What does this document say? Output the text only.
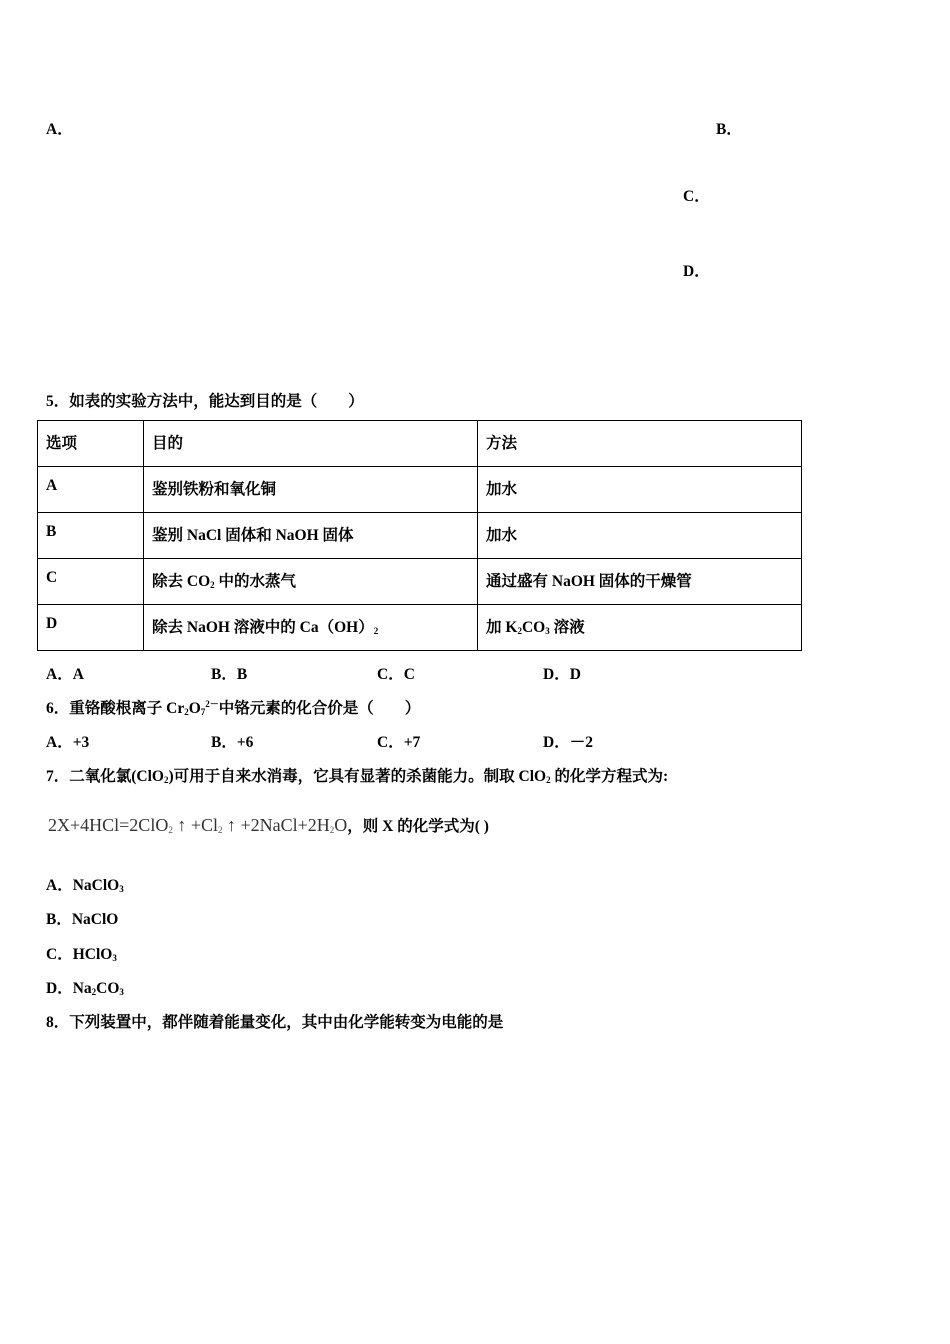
A．	B．
C．
D．
5．如表的实验方法中，能达到目的是（　　）
选项	目的	方法
A	鉴别铁粉和氧化铜	加水
B	鉴别 NaCl 固体和 NaOH 固体	加水
C	除去 $CO_2$ 中的水蒸气	通过盛有 NaOH 固体的干燥管
D	除去 NaOH 溶液中的 $Ca(OH)_2$	加 $K_2CO_3$ 溶液
A．A	B．B	C．C	D．D
6．重铬酸根离子 $Cr_2O_7^{2-}$中铬元素的化合价是（　　）
A．+3	B．+6	C．+7	D．－2
7．二氧化氯(ClO$_2$)可用于自来水消毒，它具有显著的杀菌能力。制取 ClO$_2$ 的化学方程式为:
2X+4HCl=2ClO$_2$ ↑ $+Cl_2$ ↑ $+2NaCl+2H_2O$，则 X 的化学式为( )
A．NaClO$_3$
B．NaClO
C．HClO$_3$
D．$Na_2CO_3$
8．下列装置中，都伴随着能量变化，其中由化学能转变为电能的是
